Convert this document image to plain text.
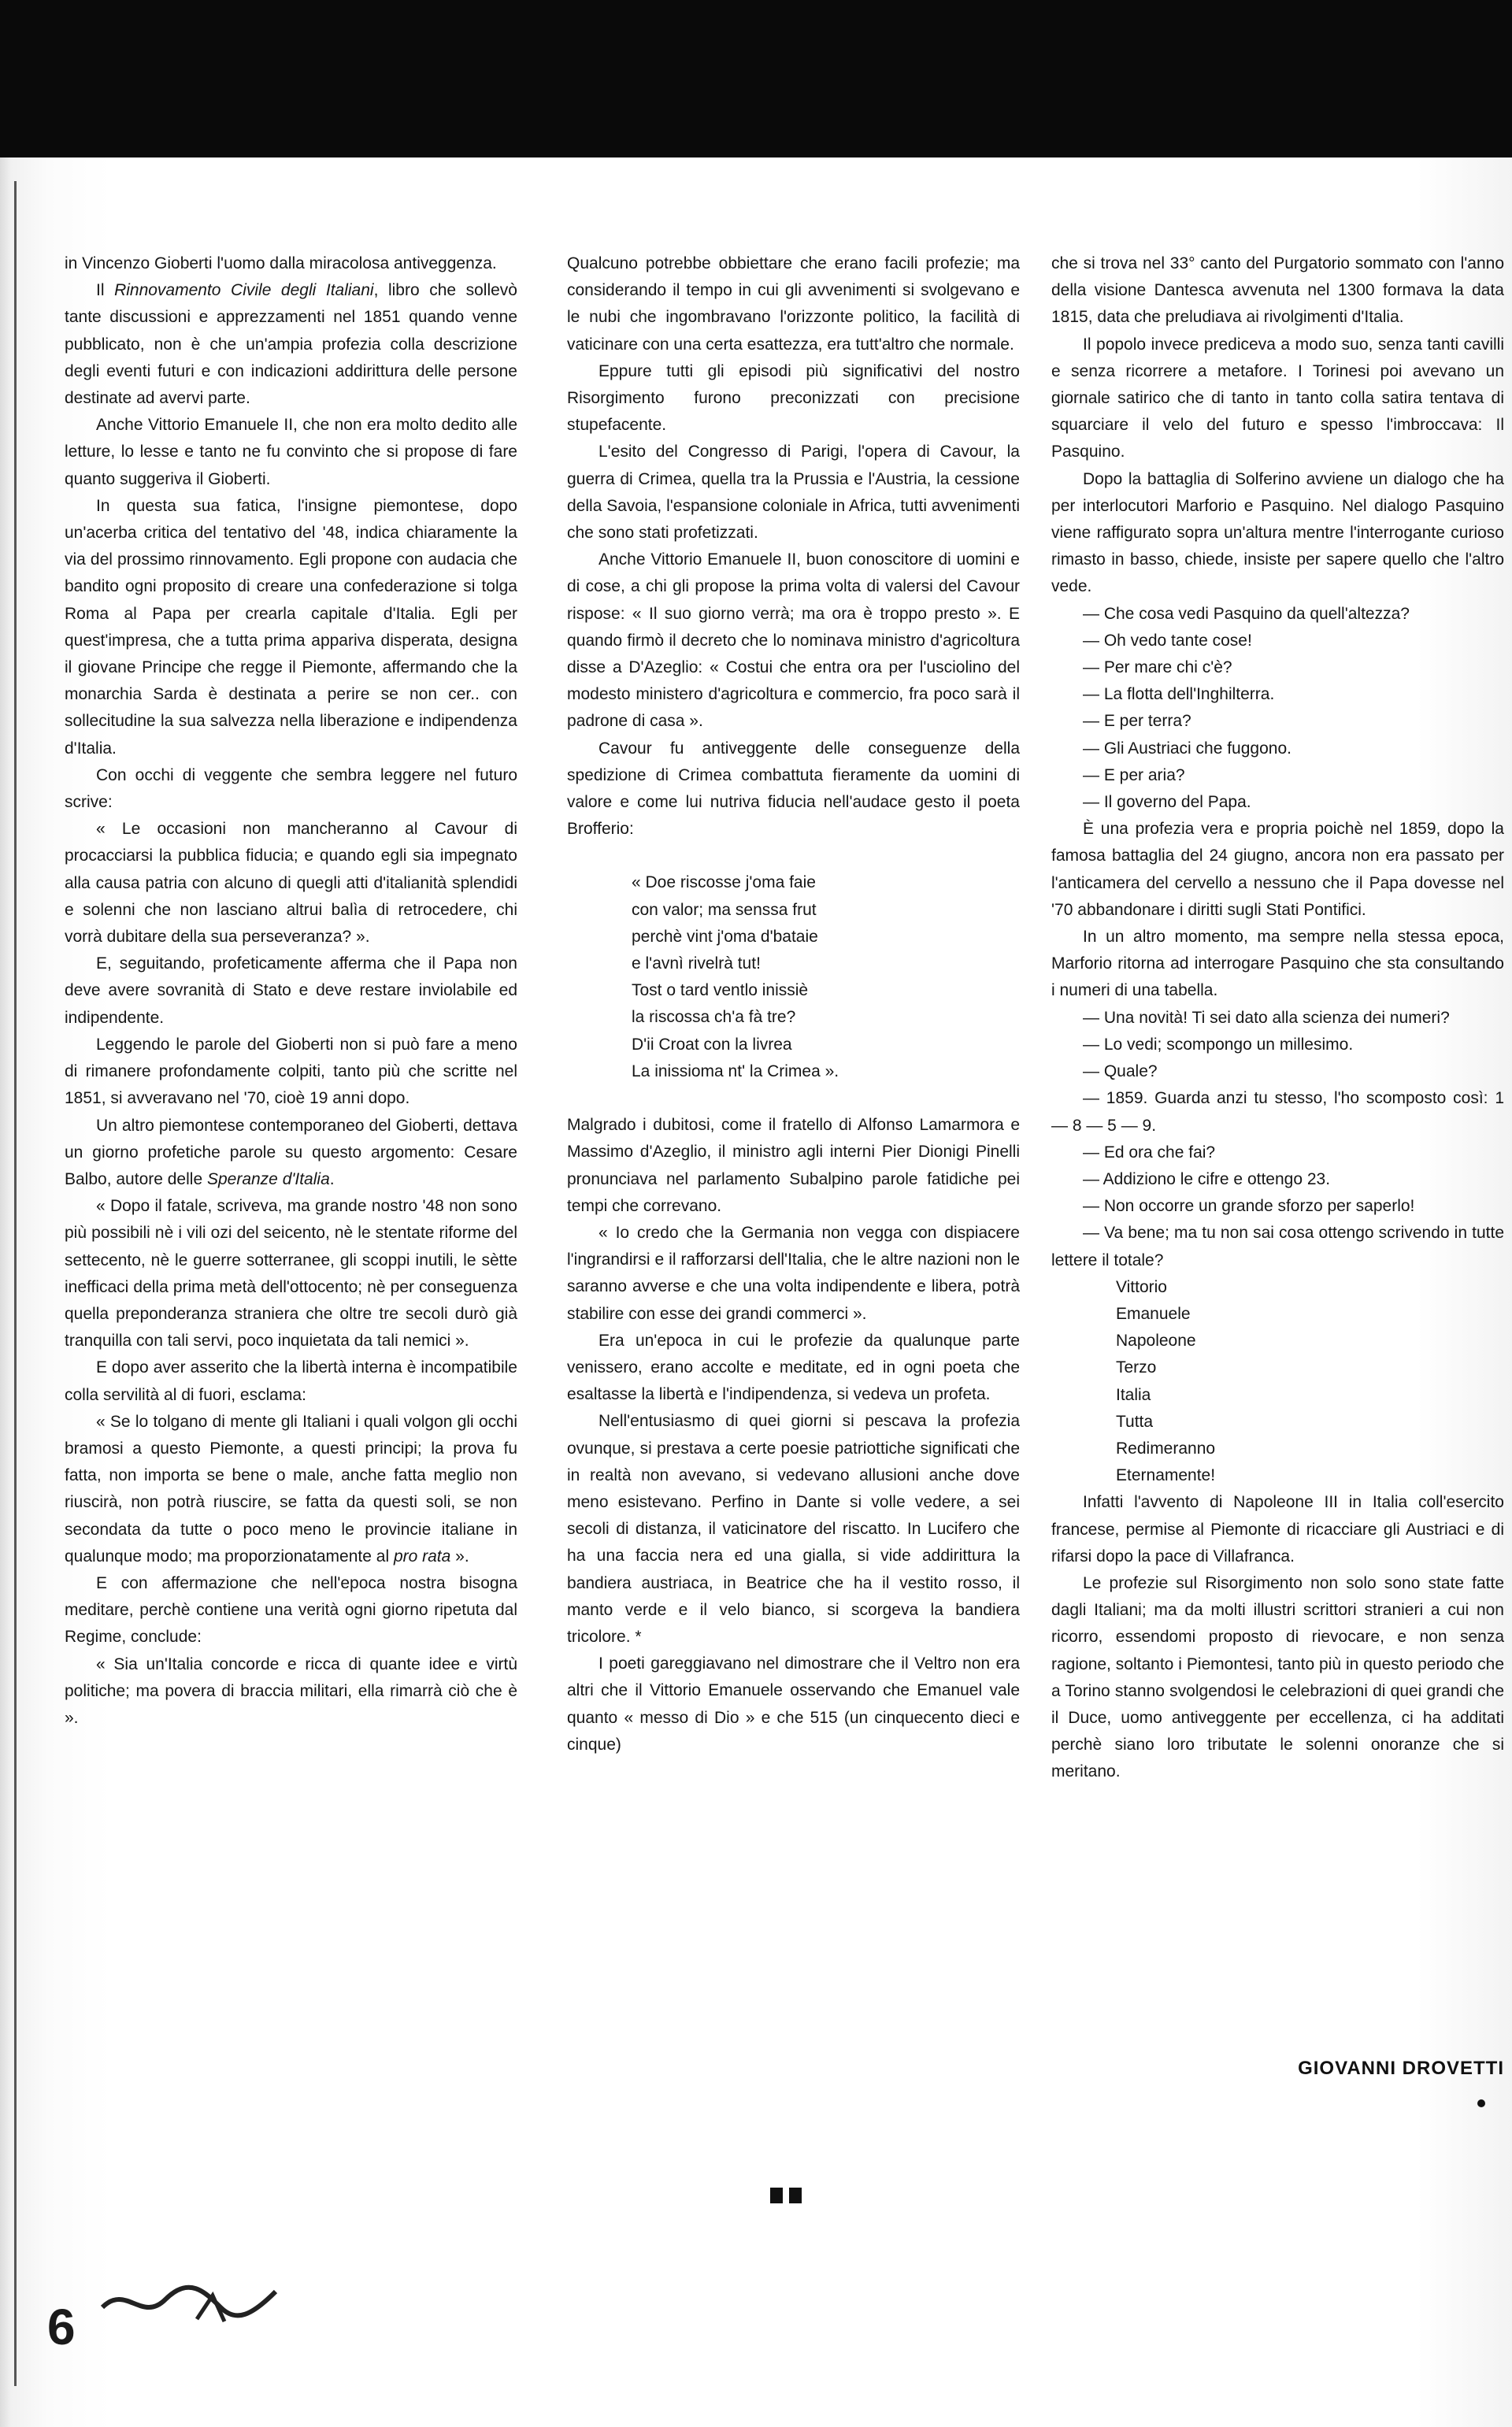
in Vincenzo Gioberti l'uomo dalla miracolosa antiveggenza.

Il Rinnovamento Civile degli Italiani, libro che sollevò tante discussioni e apprezzamenti nel 1851 quando venne pubblicato, non è che un'ampia profezia colla descrizione degli eventi futuri e con indicazioni addirittura delle persone destinate ad avervi parte.

Anche Vittorio Emanuele II, che non era molto dedito alle letture, lo lesse e tanto ne fu convinto che si propose di fare quanto suggeriva il Gioberti.

In questa sua fatica, l'insigne piemontese, dopo un'acerba critica del tentativo del '48, indica chiaramente la via del prossimo rinnovamento. Egli propone con audacia che bandito ogni proposito di creare una confederazione si tolga Roma al Papa per crearla capitale d'Italia. Egli per quest'impresa, che a tutta prima appariva disperata, designa il giovane Principe che regge il Piemonte, affermando che la monarchia Sarda è destinata a perire se non cer.. con sollecitudine la sua salvezza nella liberazione e indipendenza d'Italia.

Con occhi di veggente che sembra leggere nel futuro scrive:

« Le occasioni non mancheranno al Cavour di procacciarsi la pubblica fiducia; e quando egli sia impegnato alla causa patria con alcuno di quegli atti d'italianità splendidi e solenni che non lasciano altrui balìa di retrocedere, chi vorrà dubitare della sua perseveranza? ».

E, seguitando, profeticamente afferma che il Papa non deve avere sovranità di Stato e deve restare inviolabile ed indipendente.

Leggendo le parole del Gioberti non si può fare a meno di rimanere profondamente colpiti, tanto più che scritte nel 1851, si avveravano nel '70, cioè 19 anni dopo.

Un altro piemontese contemporaneo del Gioberti, dettava un giorno profetiche parole su questo argomento: Cesare Balbo, autore delle Speranze d'Italia.

« Dopo il fatale, scriveva, ma grande nostro '48 non sono più possibili nè i vili ozi del seicento, nè le stentate riforme del settecento, nè le guerre sotterranee, gli scoppi inutili, le sètte inefficaci della prima metà dell'ottocento; nè per conseguenza quella preponderanza straniera che oltre tre secoli durò già tranquilla con tali servi, poco inquietata da tali nemici ».

E dopo aver asserito che la libertà interna è incompatibile colla servilità al di fuori, esclama:

« Se lo tolgano di mente gli Italiani i quali volgon gli occhi bramosi a questo Piemonte, a questi principi; la prova fu fatta, non importa se bene o male, anche fatta meglio non riuscirà, non potrà riuscire, se fatta da questi soli, se non secondata da tutte o poco meno le provincie italiane in qualunque modo; ma proporzionatamente al pro rata ».

E con affermazione che nell'epoca nostra bisogna meditare, perchè contiene una verità ogni giorno ripetuta dal Regime, conclude:

« Sia un'Italia concorde e ricca di quante idee e virtù politiche; ma povera di braccia militari, ella rimarrà ciò che è ».

Qualcuno potrebbe obbiettare che erano facili profezie; ma considerando il tempo in cui gli avvenimenti si svolgevano e le nubi che ingombravano l'orizzonte politico, la facilità di vaticinare con una certa esattezza, era tutt'altro che normale.

Eppure tutti gli episodi più significativi del nostro Risorgimento furono preconizzati con precisione stupefacente.

L'esito del Congresso di Parigi, l'opera di Cavour, la guerra di Crimea, quella tra la Prussia e l'Austria, la cessione della Savoia, l'espansione coloniale in Africa, tutti avvenimenti che sono stati profetizzati.

Anche Vittorio Emanuele II, buon conoscitore di uomini e di cose, a chi gli propose la prima volta di valersi del Cavour rispose: « Il suo giorno verrà; ma ora è troppo presto ». E quando firmò il decreto che lo nominava ministro d'agricoltura disse a D'Azeglio: « Costui che entra ora per l'usciolino del modesto ministero d'agricoltura e commercio, fra poco sarà il padrone di casa ».

Cavour fu antiveggente delle conseguenze della spedizione di Crimea combattuta fieramente da uomini di valore e come lui nutriva fiducia nell'audace gesto il poeta Brofferio:

« Doe riscosse j'oma faie
con valor; ma senssa frut
perchè vint j'oma d'bataie
e l'avnì rivelrà tut!
Tost o tard ventlo inissiè
la riscossa ch'a fà tre?
D'ii Croat con la livrea
La inissioma nt' la Crimea ».

Malgrado i dubitosi, come il fratello di Alfonso Lamarmora e Massimo d'Azeglio, il ministro agli interni Pier Dionigi Pinelli pronunciava nel parlamento Subalpino parole fatidiche pei tempi che correvano.

« Io credo che la Germania non vegga con dispiacere l'ingrandirsi e il rafforzarsi dell'Italia, che le altre nazioni non le saranno avverse e che una volta indipendente e libera, potrà stabilire con esse dei grandi commerci ».

Era un'epoca in cui le profezie da qualunque parte venissero, erano accolte e meditate, ed in ogni poeta che esaltasse la libertà e l'indipendenza, si vedeva un profeta.

Nell'entusiasmo di quei giorni si pescava la profezia ovunque, si prestava a certe poesie patriottiche significati che in realtà non avevano, si vedevano allusioni anche dove meno esistevano. Perfino in Dante si volle vedere, a sei secoli di distanza, il vaticinatore del riscatto. In Lucifero che ha una faccia nera ed una gialla, si vide addirittura la bandiera austriaca, in Beatrice che ha il vestito rosso, il manto verde e il velo bianco, si scorgeva la bandiera tricolore. *

I poeti gareggiavano nel dimostrare che il Veltro non era altri che il Vittorio Emanuele osservando che Emanuel vale quanto « messo di Dio » e che 515 (un cinquecento dieci e cinque)

che si trova nel 33° canto del Purgatorio sommato con l'anno della visione Dantesca avvenuta nel 1300 formava la data 1815, data che preludiava ai rivolgimenti d'Italia.

Il popolo invece prediceva a modo suo, senza tanti cavilli e senza ricorrere a metafore. I Torinesi poi avevano un giornale satirico che di tanto in tanto colla satira tentava di squarciare il velo del futuro e spesso l'imbroccava: Il Pasquino.

Dopo la battaglia di Solferino avviene un dialogo che ha per interlocutori Marforio e Pasquino. Nel dialogo Pasquino viene raffigurato sopra un'altura mentre l'interrogante curioso rimasto in basso, chiede, insiste per sapere quello che l'altro vede.

— Che cosa vedi Pasquino da quell'altezza?

— Oh vedo tante cose!

— Per mare chi c'è?

— La flotta dell'Inghilterra.

— E per terra?

— Gli Austriaci che fuggono.

— E per aria?

— Il governo del Papa.

È una profezia vera e propria poichè nel 1859, dopo la famosa battaglia del 24 giugno, ancora non era passato per l'anticamera del cervello a nessuno che il Papa dovesse nel '70 abbandonare i diritti sugli Stati Pontifici.

In un altro momento, ma sempre nella stessa epoca, Marforio ritorna ad interrogare Pasquino che sta consultando i numeri di una tabella.

— Una novità! Ti sei dato alla scienza dei numeri?

— Lo vedi; scompongo un millesimo.

— Quale?

— 1859. Guarda anzi tu stesso, l'ho scomposto così: 1 — 8 — 5 — 9.

— Ed ora che fai?

— Addiziono le cifre e ottengo 23.

— Non occorre un grande sforzo per saperlo!

— Va bene; ma tu non sai cosa ottengo scrivendo in tutte lettere il totale?

Vittorio
Emanuele
Napoleone
Terzo
Italia
Tutta
Redimeranno
Eternamente!

Infatti l'avvento di Napoleone III in Italia coll'esercito francese, permise al Piemonte di ricacciare gli Austriaci e di rifarsi dopo la pace di Villafranca.

Le profezie sul Risorgimento non solo sono state fatte dagli Italiani; ma da molti illustri scrittori stranieri a cui non ricorro, essendomi proposto di rievocare, e non senza ragione, soltanto i Piemontesi, tanto più in questo periodo che a Torino stanno svolgendosi le celebrazioni di quei grandi che il Duce, uomo antiveggente per eccellenza, ci ha additati perchè siano loro tributate le solenni onoranze che si meritano.

GIOVANNI DROVETTI
6
